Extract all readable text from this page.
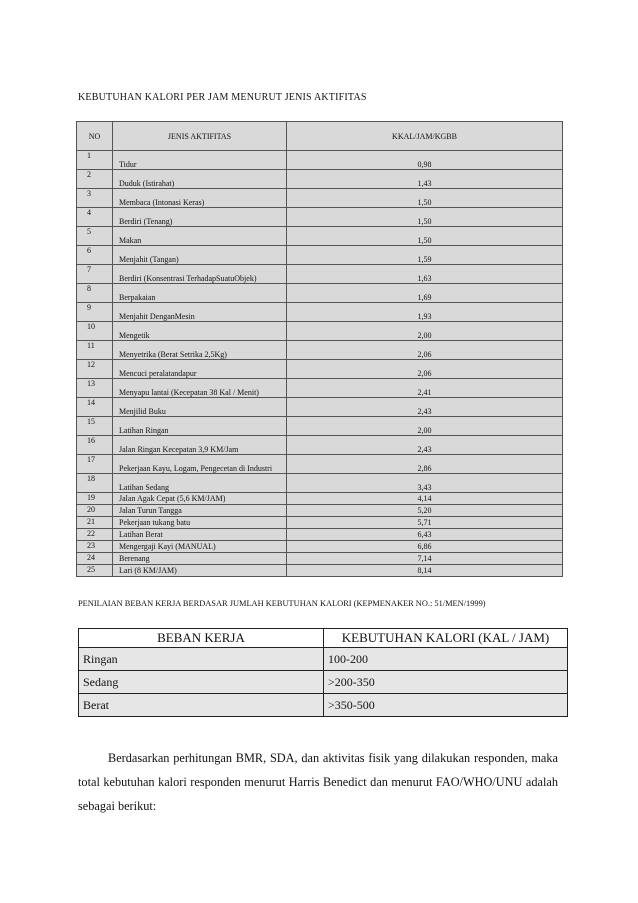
KEBUTUHAN KALORI PER JAM MENURUT JENIS AKTIFITAS
NO	JENIS AKTIFITAS	KKAL/JAM/KGBB
1	Tidur	0,98
2	Duduk (Istirahat)	1,43
3	Membaca (Intonasi Keras)	1,50
4	Berdiri (Tenang)	1,50
5	Makan	1,50
6	Menjahit (Tangan)	1,59
7	Berdiri (Konsentrasi TerhadapSuatuObjek)	1,63
8	Berpakaian	1,69
9	Menjahit DenganMesin	1,93
10	Mengetik	2,00
11	Menyetrika (Berat Setrika 2,5Kg)	2,06
12	Mencuci peralatandapur	2,06
13	Menyapu lantai (Kecepatan 38 Kal / Menit)	2,41
14	Menjilid Buku	2,43
15	Latihan Ringan	2,00
16	Jalan Ringan Kecepatan 3,9 KM/Jam	2,43
17	Pekerjaan Kayu, Logam, Pengecetan di Industri	2,86
18	Latihan Sedang	3,43
19	Jalan Agak Cepat (5,6 KM/JAM)	4,14
20	Jalan Turun Tangga	5,20
21	Pekerjaan tukang batu	5,71
22	Latihan Berat	6,43
23	Mengergaji Kayi (MANUAL)	6,86
24	Berenang	7,14
25	Lari (8 KM/JAM)	8,14
PENILAIAN BEBAN KERJA BERDASAR JUMLAH KEBUTUHAN KALORI (KEPMENAKER NO.: 51/MEN/1999)
BEBAN KERJA	KEBUTUHAN KALORI (KAL / JAM)
Ringan	100-200
Sedang	>200-350
Berat	>350-500

Berdasarkan perhitungan BMR, SDA, dan aktivitas fisik yang dilakukan responden, maka total kebutuhan kalori responden menurut Harris Benedict dan menurut FAO/WHO/UNU adalah sebagai berikut:
